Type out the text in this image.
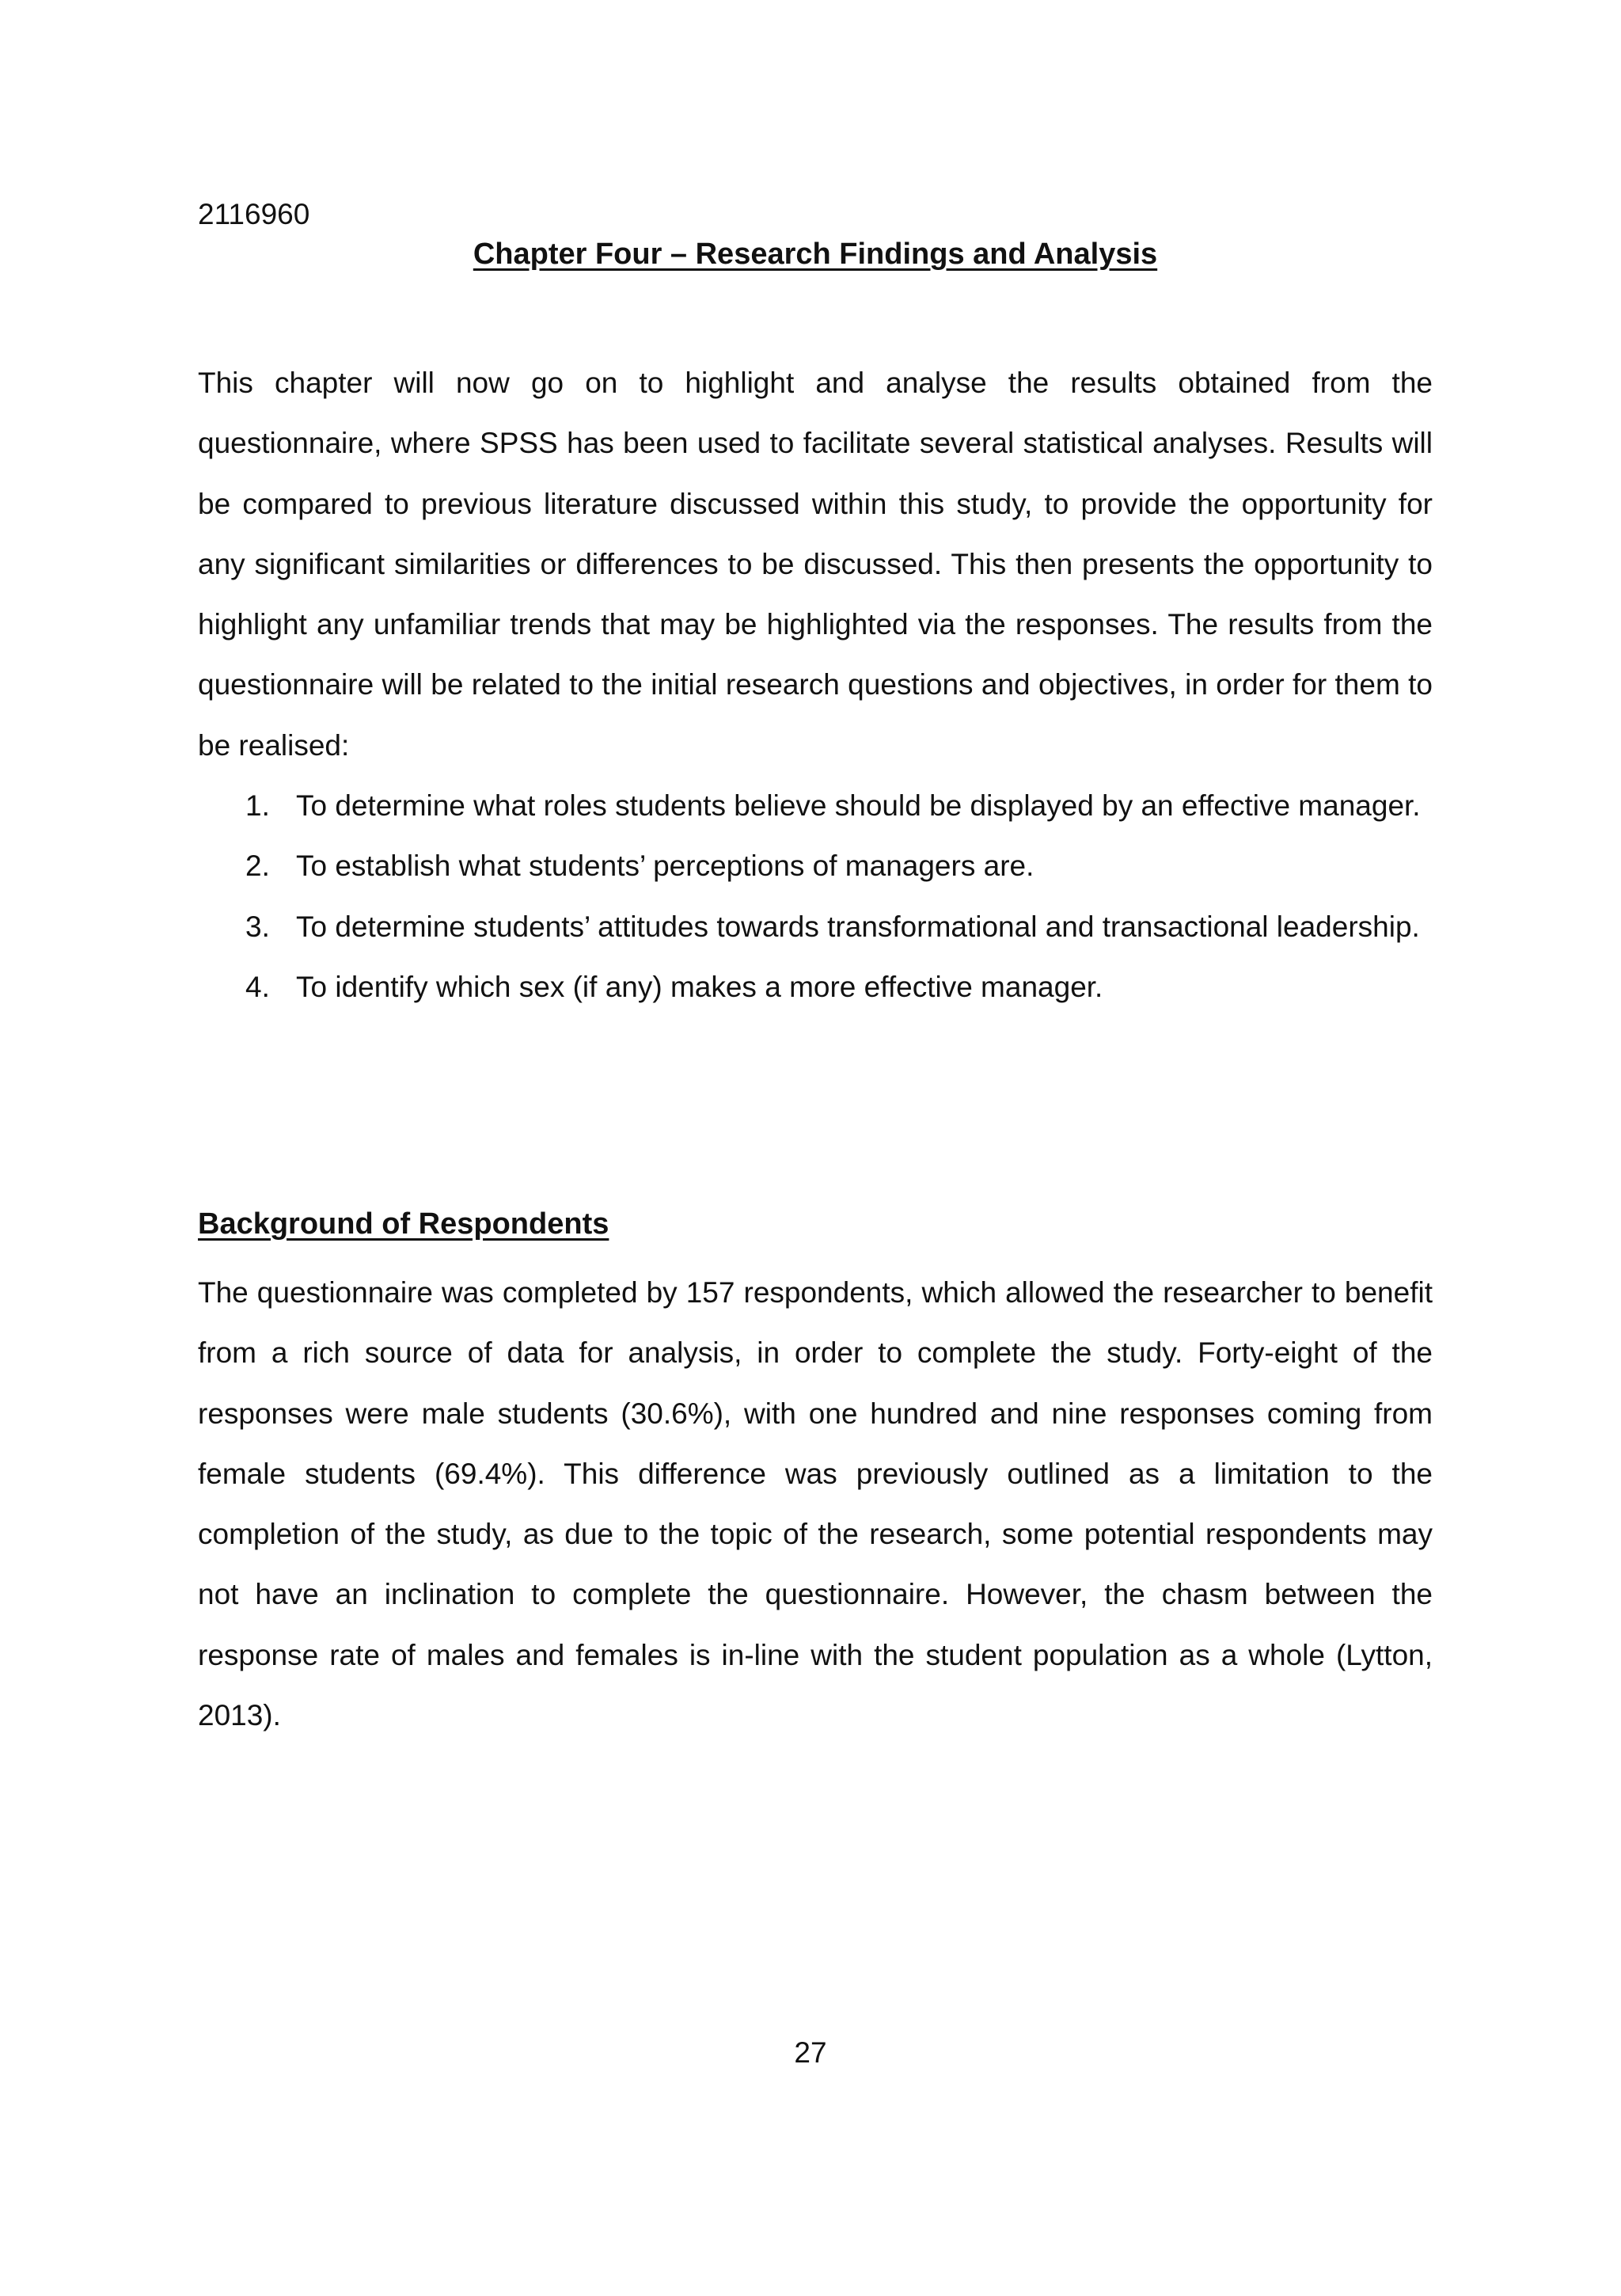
2116960
Chapter Four – Research Findings and Analysis

This chapter will now go on to highlight and analyse the results obtained from the questionnaire, where SPSS has been used to facilitate several statistical analyses. Results will be compared to previous literature discussed within this study, to provide the opportunity for any significant similarities or differences to be discussed. This then presents the opportunity to highlight any unfamiliar trends that may be highlighted via the responses. The results from the questionnaire will be related to the initial research questions and objectives, in order for them to be realised:

1. To determine what roles students believe should be displayed by an effective manager.
2. To establish what students’ perceptions of managers are.
3. To determine students’ attitudes towards transformational and transactional leadership.
4. To identify which sex (if any) makes a more effective manager.
Background of Respondents

The questionnaire was completed by 157 respondents, which allowed the researcher to benefit from a rich source of data for analysis, in order to complete the study. Forty-eight of the responses were male students (30.6%), with one hundred and nine responses coming from female students (69.4%). This difference was previously outlined as a limitation to the completion of the study, as due to the topic of the research, some potential respondents may not have an inclination to complete the questionnaire. However, the chasm between the response rate of males and females is in-line with the student population as a whole (Lytton, 2013).

27
